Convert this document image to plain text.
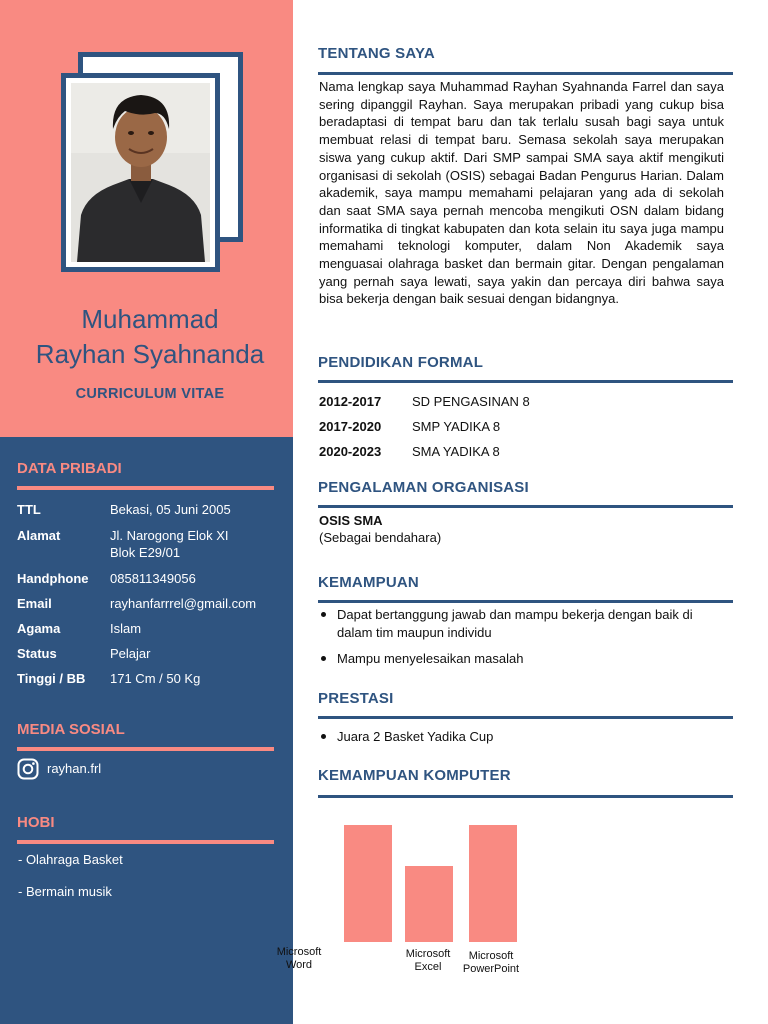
Muhammad
Rayhan Syahnanda
CURRICULUM VITAE
DATA PRIBADI
TTL	Bekasi, 05 Juni 2005
Alamat	Jl. Narogong Elok XI
Blok E29/01
Handphone 085811349056
Email	rayhanfarrrel@gmail.com
Agama	Islam
Status	Pelajar
Tinggi / BB 171 Cm / 50 Kg
MEDIA SOSIAL
rayhan.frl
HOBI
- Olahraga Basket
- Bermain musik
TENTANG SAYA
Nama lengkap saya Muhammad Rayhan Syahnanda Farrel dan saya sering dipanggil Rayhan. Saya merupakan pribadi yang cukup bisa beradaptasi di tempat baru dan tak terlalu susah bagi saya untuk membuat relasi di tempat baru. Semasa sekolah saya merupakan siswa yang cukup aktif. Dari SMP sampai SMA saya aktif mengikuti organisasi di sekolah (OSIS) sebagai Badan Pengurus Harian. Dalam akademik, saya mampu memahami pelajaran yang ada di sekolah dan saat SMA saya pernah mencoba mengikuti OSN dalam bidang informatika di tingkat kabupaten dan kota selain itu saya juga mampu memahami teknologi komputer, dalam Non Akademik saya menguasai olahraga basket dan bermain gitar. Dengan pengalaman yang pernah saya lewati, saya yakin dan percaya diri bahwa saya bisa bekerja dengan baik sesuai dengan bidangnya.
PENDIDIKAN FORMAL
2012-2017 SD PENGASINAN 8
2017-2020 SMP YADIKA 8
2020-2023 SMA YADIKA 8
PENGALAMAN ORGANISASI
OSIS SMA
(Sebagai bendahara)
KEMAMPUAN
Dapat bertanggung jawab dan mampu bekerja dengan baik di dalam tim maupun individu
Mampu menyelesaikan masalah
PRESTASI
Juara 2 Basket Yadika Cup
KEMAMPUAN KOMPUTER
Microsoft
Word
Microsoft
Excel
Microsoft
PowerPoint
